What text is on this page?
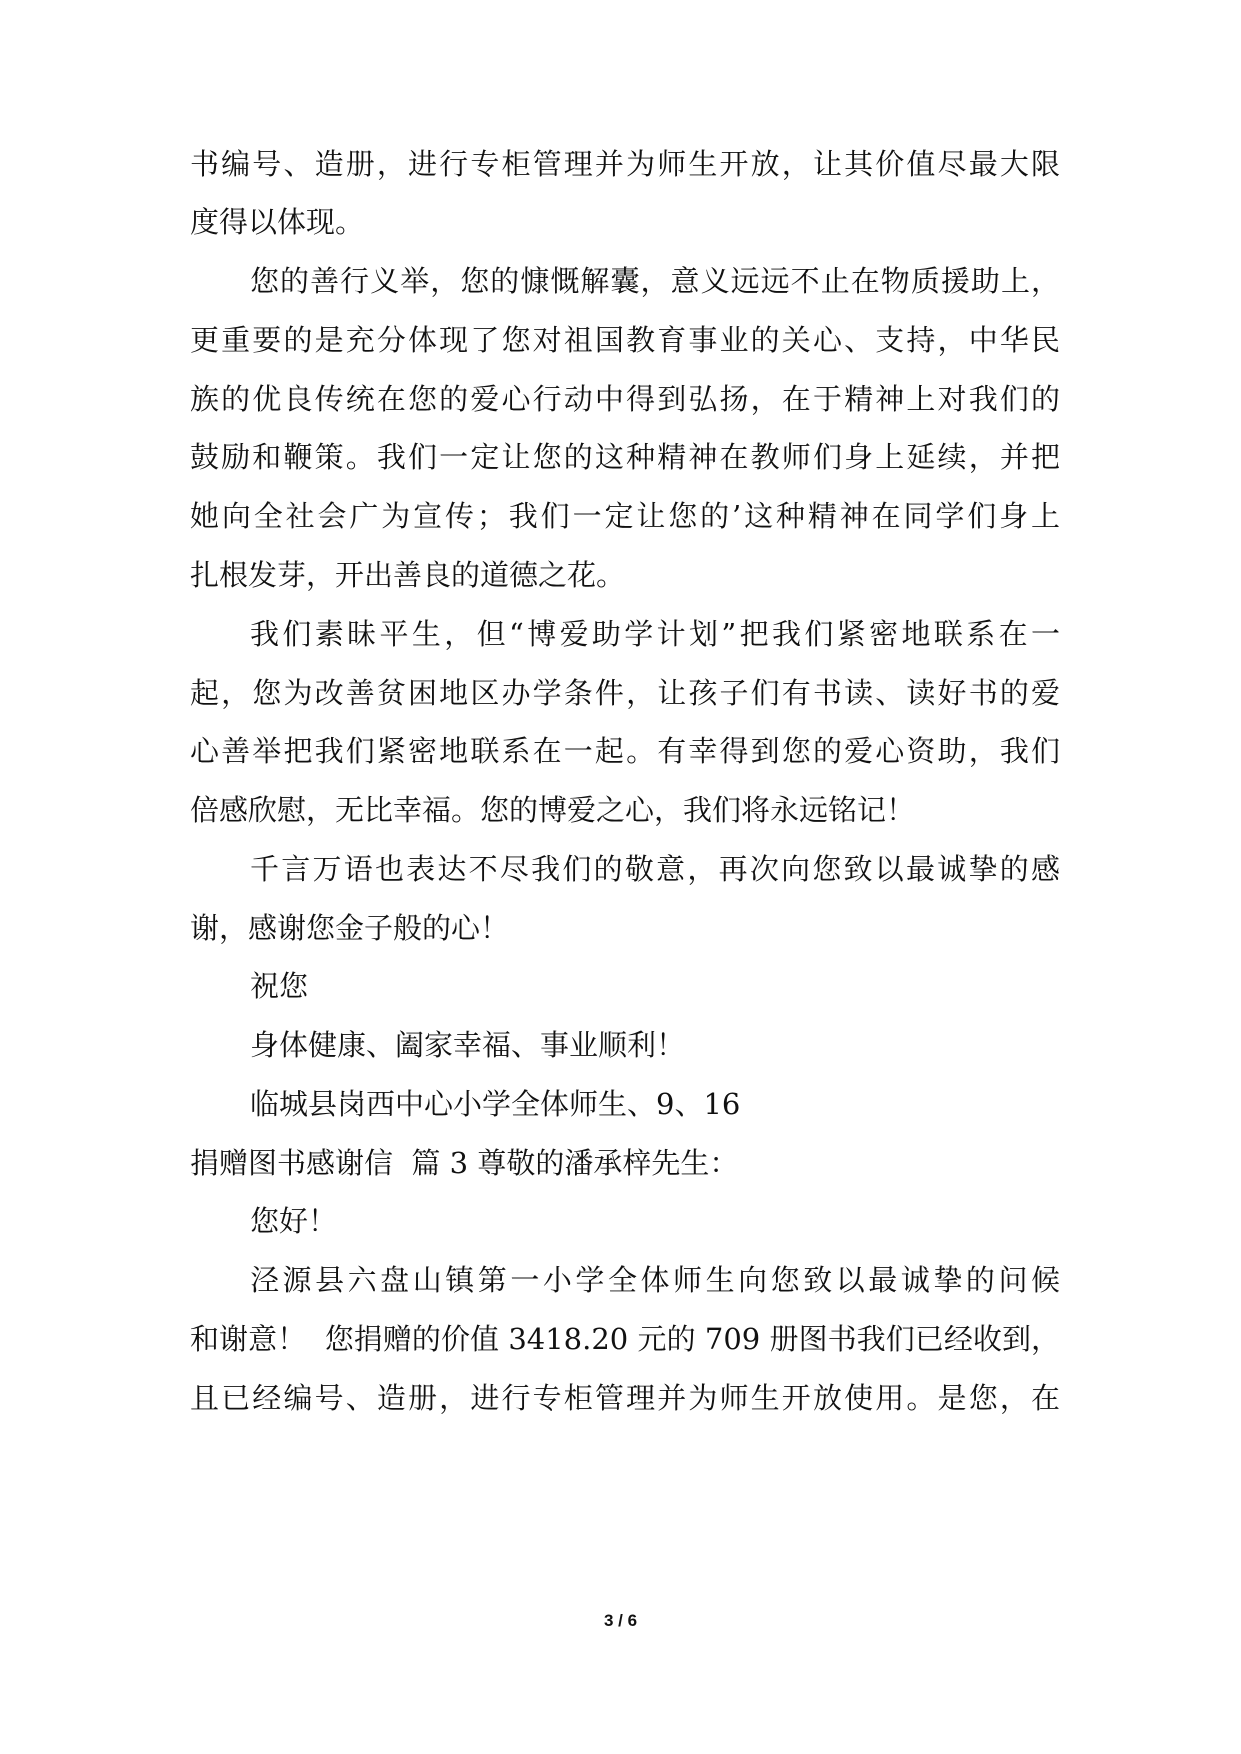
书编号、造册，进行专柜管理并为师生开放，让其价值尽最大限
度得以体现。
您的善行义举，您的慷慨解囊，意义远远不止在物质援助上，
更重要的是充分体现了您对祖国教育事业的关心、支持，中华民
族的优良传统在您的爱心行动中得到弘扬，在于精神上对我们的
鼓励和鞭策。我们一定让您的这种精神在教师们身上延续，并把
她向全社会广为宣传；我们一定让您的’这种精神在同学们身上
扎根发芽，开出善良的道德之花。
我们素昧平生，但“博爱助学计划”把我们紧密地联系在一
起，您为改善贫困地区办学条件，让孩子们有书读、读好书的爱
心善举把我们紧密地联系在一起。有幸得到您的爱心资助，我们
倍感欣慰，无比幸福。您的博爱之心，我们将永远铭记！
千言万语也表达不尽我们的敬意，再次向您致以最诚挚的感
谢，感谢您金子般的心！
祝您
身体健康、阖家幸福、事业顺利！
临城县岗西中心小学全体师生、9、16
捐赠图书感谢信  篇 3 尊敬的潘承梓先生：
您好！
泾源县六盘山镇第一小学全体师生向您致以最诚挚的问候
和谢意！  您捐赠的价值 3418.20 元的 709 册图书我们已经收到，
且已经编号、造册，进行专柜管理并为师生开放使用。是您，在
3 / 6
